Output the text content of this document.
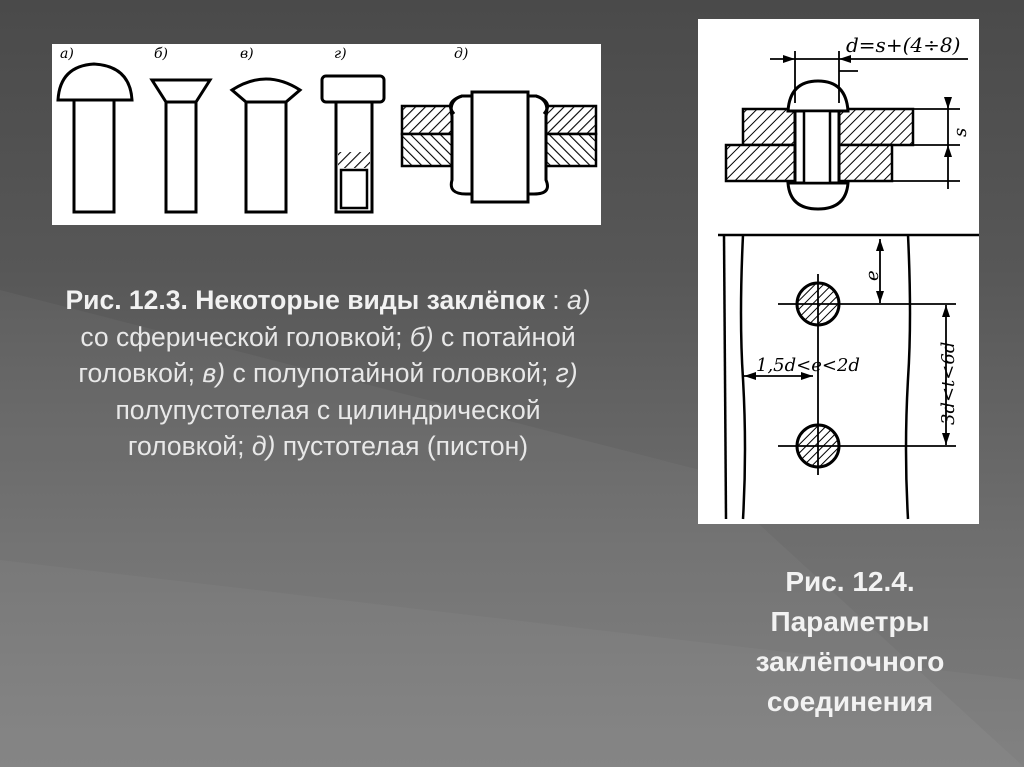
а)	б)	в)	г)	д)	d=s+(4÷8)
s
e
1,5d<e<2d	3d<t<6d
Рис. 12.3. Некоторые виды заклёпок : а) со сферической головкой; б) с потайной головкой; в) с полупотайной головкой; г) полупустотелая с цилиндрической головкой; д) пустотелая (пистон)
Рис. 12.4.
Параметры
заклёпочного
соединения
